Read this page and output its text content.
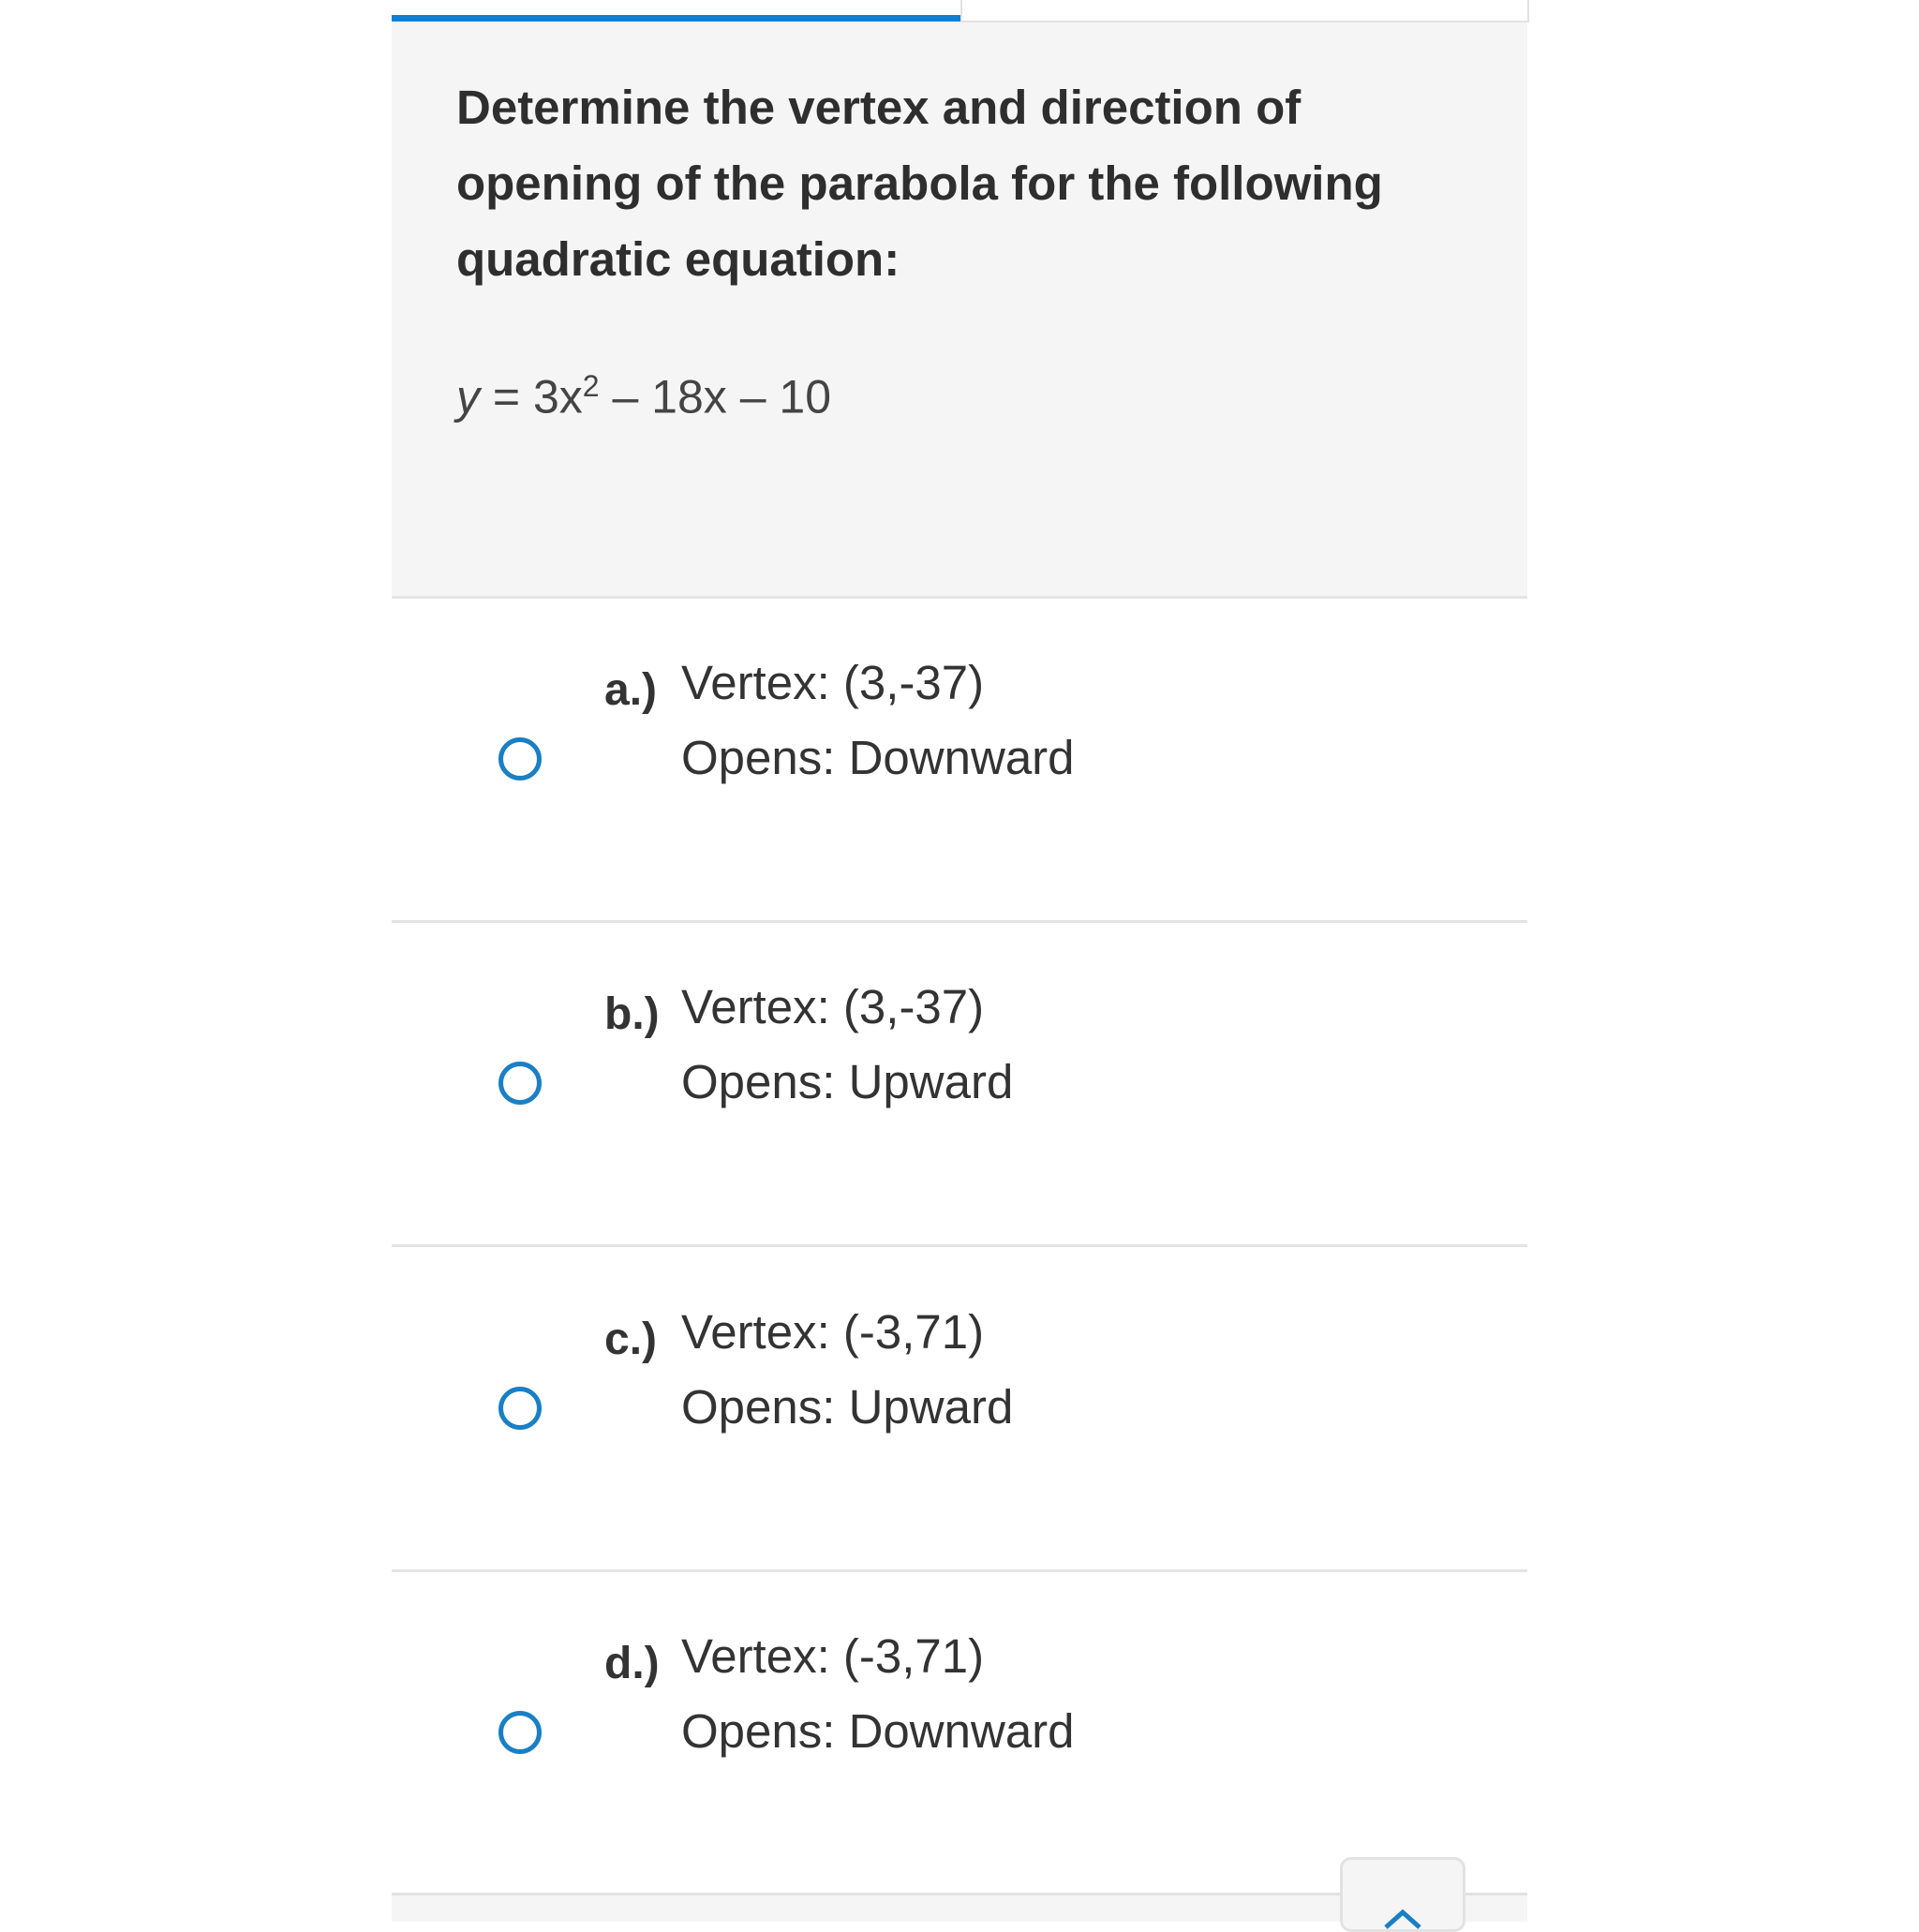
Determine the vertex and direction of opening of the parabola for the following quadratic equation:
$y = 3x^2 - 18x - 10$
a.) Vertex: (3,-37)
Opens: Downward
b.) Vertex: (3,-37)
Opens: Upward
c.) Vertex: (-3,71)
Opens: Upward
d.) Vertex: (-3,71)
Opens: Downward
